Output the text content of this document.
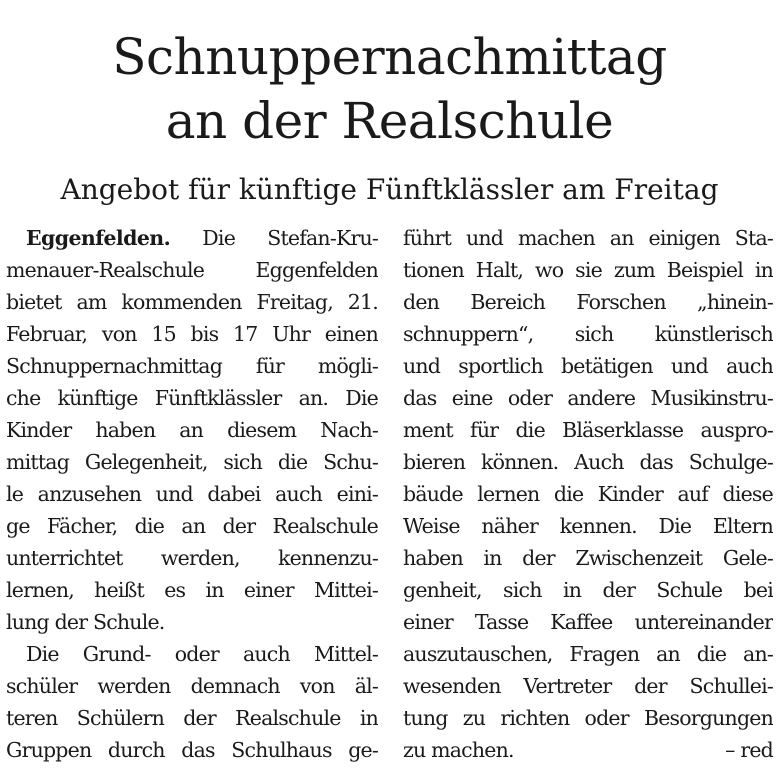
Schnuppernachmittag
an der Realschule
Angebot für künftige Fünftklässler am Freitag
Eggenfelden. Die Stefan-Kru-
menauer-Realschule Eggenfelden
bietet am kommenden Freitag, 21.
Februar, von 15 bis 17 Uhr einen
Schnuppernachmittag für mögli-
che künftige Fünftklässler an. Die
Kinder haben an diesem Nach-
mittag Gelegenheit, sich die Schu-
le anzusehen und dabei auch eini-
ge Fächer, die an der Realschule
unterrichtet werden, kennenzu-
lernen, heißt es in einer Mittei-
lung der Schule.
Die Grund- oder auch Mittel-
schüler werden demnach von äl-
teren Schülern der Realschule in
Gruppen durch das Schulhaus ge-
führt und machen an einigen Sta-
tionen Halt, wo sie zum Beispiel in
den Bereich Forschen „hinein-
schnuppern“, sich künstlerisch
und sportlich betätigen und auch
das eine oder andere Musikinstru-
ment für die Bläserklasse auspro-
bieren können. Auch das Schulge-
bäude lernen die Kinder auf diese
Weise näher kennen. Die Eltern
haben in der Zwischenzeit Gele-
genheit, sich in der Schule bei
einer Tasse Kaffee untereinander
auszutauschen, Fragen an die an-
wesenden Vertreter der Schullei-
tung zu richten oder Besorgungen
zu machen.	– red
